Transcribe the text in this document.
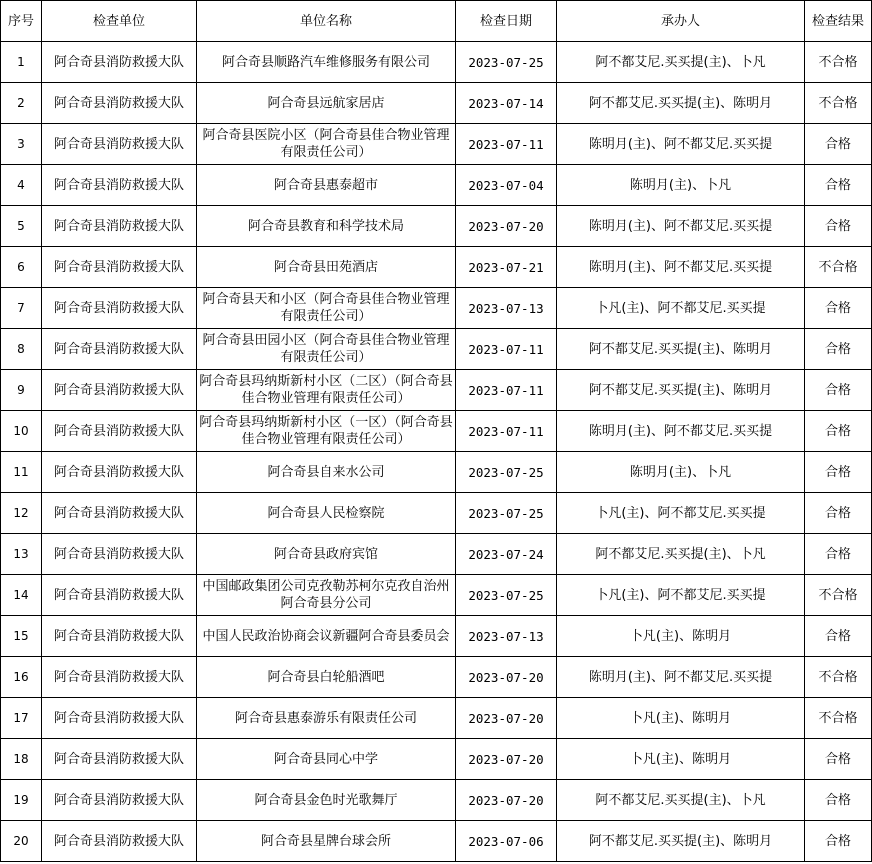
序号	检查单位	单位名称	检查日期	承办人	检查结果
1	阿合奇县消防救援大队	阿合奇县顺路汽车维修服务有限公司	2023-07-25	阿不都艾尼.买买提(主)、卜凡	不合格
2	阿合奇县消防救援大队	阿合奇县远航家居店	2023-07-14	阿不都艾尼.买买提(主)、陈明月	不合格
3	阿合奇县消防救援大队	阿合奇县医院小区（阿合奇县佳合物业管理有限责任公司）	2023-07-11	陈明月(主)、阿不都艾尼.买买提	合格
4	阿合奇县消防救援大队	阿合奇县惠泰超市	2023-07-04	陈明月(主)、卜凡	合格
5	阿合奇县消防救援大队	阿合奇县教育和科学技术局	2023-07-20	陈明月(主)、阿不都艾尼.买买提	合格
6	阿合奇县消防救援大队	阿合奇县田苑酒店	2023-07-21	陈明月(主)、阿不都艾尼.买买提	不合格
7	阿合奇县消防救援大队	阿合奇县天和小区（阿合奇县佳合物业管理有限责任公司）	2023-07-13	卜凡(主)、阿不都艾尼.买买提	合格
8	阿合奇县消防救援大队	阿合奇县田园小区（阿合奇县佳合物业管理有限责任公司）	2023-07-11	阿不都艾尼.买买提(主)、陈明月	合格
9	阿合奇县消防救援大队	阿合奇县玛纳斯新村小区（二区）（阿合奇县佳合物业管理有限责任公司）	2023-07-11	阿不都艾尼.买买提(主)、陈明月	合格
10	阿合奇县消防救援大队	阿合奇县玛纳斯新村小区（一区）（阿合奇县佳合物业管理有限责任公司）	2023-07-11	陈明月(主)、阿不都艾尼.买买提	合格
11	阿合奇县消防救援大队	阿合奇县自来水公司	2023-07-25	陈明月(主)、卜凡	合格
12	阿合奇县消防救援大队	阿合奇县人民检察院	2023-07-25	卜凡(主)、阿不都艾尼.买买提	合格
13	阿合奇县消防救援大队	阿合奇县政府宾馆	2023-07-24	阿不都艾尼.买买提(主)、卜凡	合格
14	阿合奇县消防救援大队	中国邮政集团公司克孜勒苏柯尔克孜自治州阿合奇县分公司	2023-07-25	卜凡(主)、阿不都艾尼.买买提	不合格
15	阿合奇县消防救援大队	中国人民政治协商会议新疆阿合奇县委员会	2023-07-13	卜凡(主)、陈明月	合格
16	阿合奇县消防救援大队	阿合奇县白轮船酒吧	2023-07-20	陈明月(主)、阿不都艾尼.买买提	不合格
17	阿合奇县消防救援大队	阿合奇县惠泰游乐有限责任公司	2023-07-20	卜凡(主)、陈明月	不合格
18	阿合奇县消防救援大队	阿合奇县同心中学	2023-07-20	卜凡(主)、陈明月	合格
19	阿合奇县消防救援大队	阿合奇县金色时光歌舞厅	2023-07-20	阿不都艾尼.买买提(主)、卜凡	合格
20	阿合奇县消防救援大队	阿合奇县星牌台球会所	2023-07-06	阿不都艾尼.买买提(主)、陈明月	合格
